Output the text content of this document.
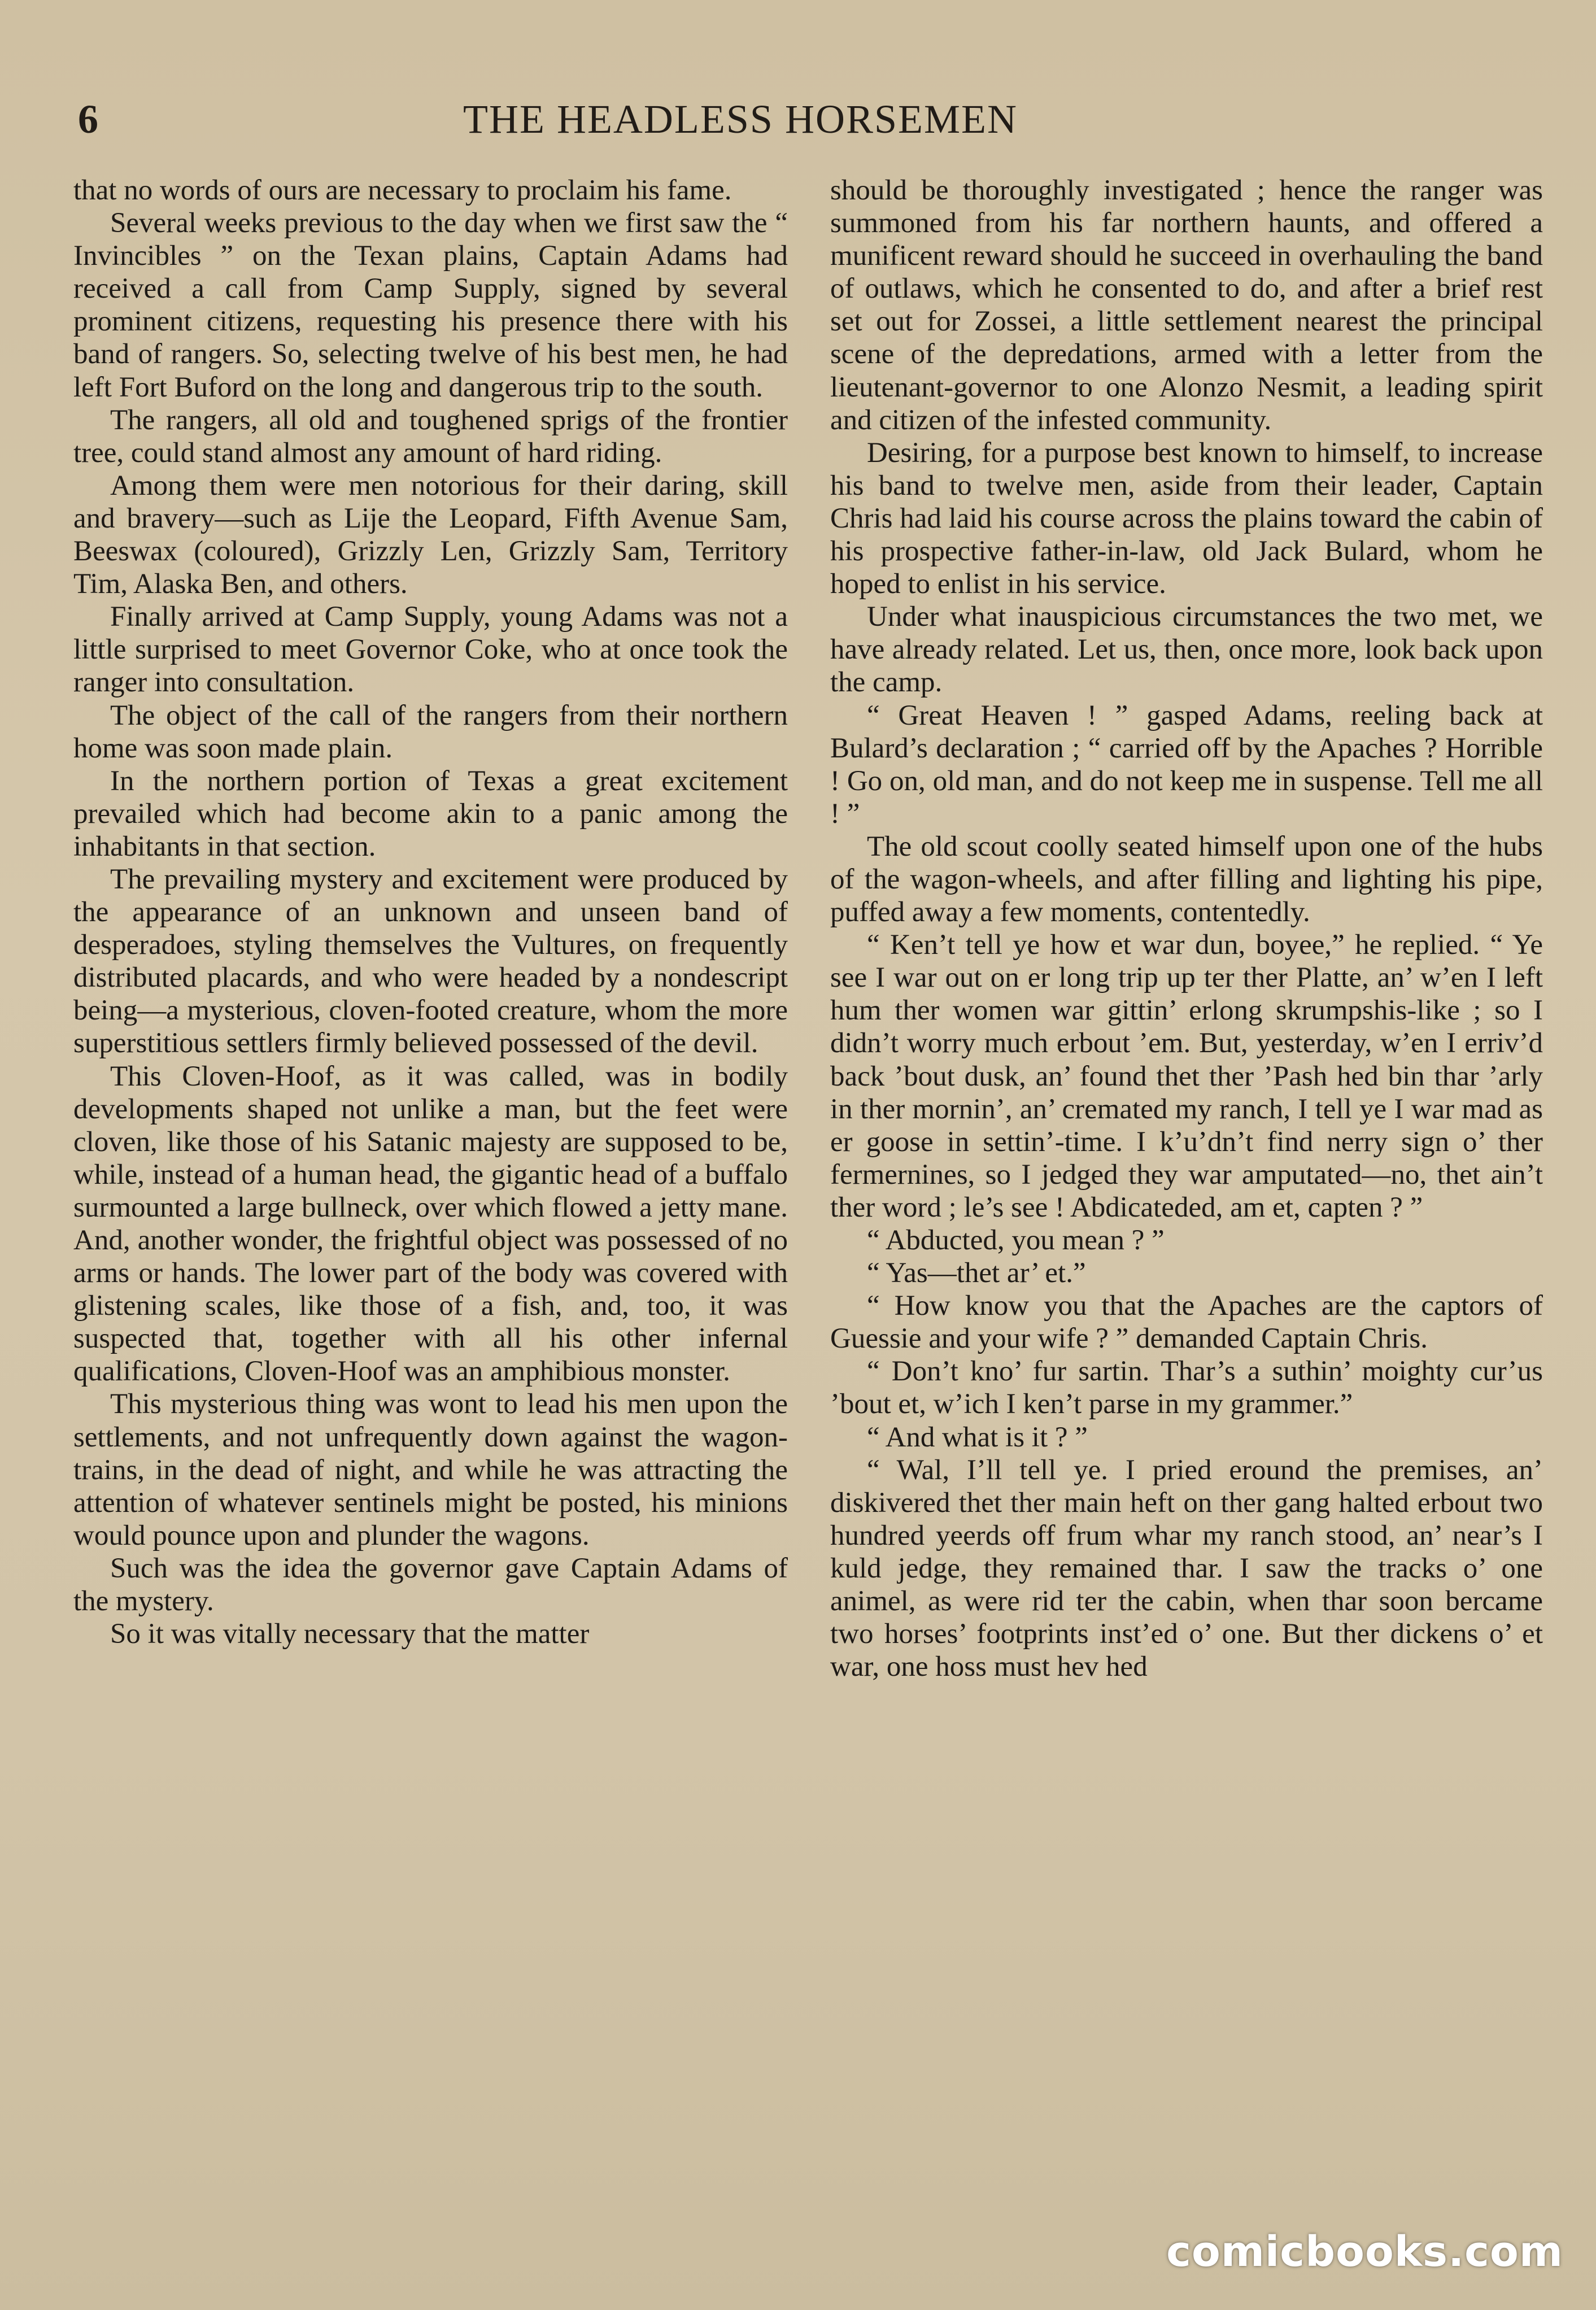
6	THE HEADLESS HORSEMEN

that no words of ours are necessary to proclaim his fame.

Several weeks previous to the day when we first saw the “ Invincibles ” on the Texan plains, Captain Adams had received a call from Camp Supply, signed by several prominent citizens, requesting his presence there with his band of rangers. So, selecting twelve of his best men, he had left Fort Buford on the long and dangerous trip to the south.

The rangers, all old and toughened sprigs of the frontier tree, could stand almost any amount of hard riding.

Among them were men notorious for their daring, skill and bravery—such as Lije the Leopard, Fifth Avenue Sam, Beeswax (coloured), Grizzly Len, Grizzly Sam, Territory Tim, Alaska Ben, and others.

Finally arrived at Camp Supply, young Adams was not a little surprised to meet Governor Coke, who at once took the ranger into consultation.

The object of the call of the rangers from their northern home was soon made plain.

In the northern portion of Texas a great excitement prevailed which had become akin to a panic among the inhabitants in that section.

The prevailing mystery and excitement were produced by the appearance of an unknown and unseen band of desperadoes, styling themselves the Vultures, on frequently distributed placards, and who were headed by a nondescript being—a mysterious, cloven-footed creature, whom the more superstitious settlers firmly believed possessed of the devil.

This Cloven-Hoof, as it was called, was in bodily developments shaped not unlike a man, but the feet were cloven, like those of his Satanic majesty are supposed to be, while, instead of a human head, the gigantic head of a buffalo surmounted a large bullneck, over which flowed a jetty mane. And, another wonder, the frightful object was possessed of no arms or hands. The lower part of the body was covered with glistening scales, like those of a fish, and, too, it was suspected that, together with all his other infernal qualifications, Cloven-Hoof was an amphibious monster.

This mysterious thing was wont to lead his men upon the settlements, and not unfrequently down against the wagon-trains, in the dead of night, and while he was attracting the attention of whatever sentinels might be posted, his minions would pounce upon and plunder the wagons.

Such was the idea the governor gave Captain Adams of the mystery.

So it was vitally necessary that the matter

should be thoroughly investigated ; hence the ranger was summoned from his far northern haunts, and offered a munificent reward should he succeed in overhauling the band of outlaws, which he consented to do, and after a brief rest set out for Zossei, a little settlement nearest the principal scene of the depredations, armed with a letter from the lieutenant-governor to one Alonzo Nesmit, a leading spirit and citizen of the infested community.

Desiring, for a purpose best known to himself, to increase his band to twelve men, aside from their leader, Captain Chris had laid his course across the plains toward the cabin of his prospective father-in-law, old Jack Bulard, whom he hoped to enlist in his service.

Under what inauspicious circumstances the two met, we have already related. Let us, then, once more, look back upon the camp.

“ Great Heaven ! ” gasped Adams, reeling back at Bulard’s declaration ; “ carried off by the Apaches ? Horrible ! Go on, old man, and do not keep me in suspense. Tell me all ! ”

The old scout coolly seated himself upon one of the hubs of the wagon-wheels, and after filling and lighting his pipe, puffed away a few moments, contentedly.

“ Ken’t tell ye how et war dun, boyee,” he replied. “ Ye see I war out on er long trip up ter ther Platte, an’ w’en I left hum ther women war gittin’ erlong skrumpshis-like ; so I didn’t worry much erbout ’em. But, yesterday, w’en I erriv’d back ’bout dusk, an’ found thet ther ’Pash hed bin thar ’arly in ther mornin’, an’ cremated my ranch, I tell ye I war mad as er goose in settin’-time. I k’u’dn’t find nerry sign o’ ther fermernines, so I jedged they war amputated—no, thet ain’t ther word ; le’s see ! Abdicateded, am et, capten ? ”

“ Abducted, you mean ? ”

“ Yas—thet ar’ et.”

“ How know you that the Apaches are the captors of Guessie and your wife ? ” demanded Captain Chris.

“ Don’t kno’ fur sartin. Thar’s a suthin’ moighty cur’us ’bout et, w’ich I ken’t parse in my grammer.”

“ And what is it ? ”

“ Wal, I’ll tell ye. I pried eround the premises, an’ diskivered thet ther main heft on ther gang halted erbout two hundred yeerds off frum whar my ranch stood, an’ near’s I kuld jedge, they remained thar. I saw the tracks o’ one animel, as were rid ter the cabin, when thar soon bercame two horses’ footprints inst’ed o’ one. But ther dickens o’ et war, one hoss must hev hed

comicbooks.com
